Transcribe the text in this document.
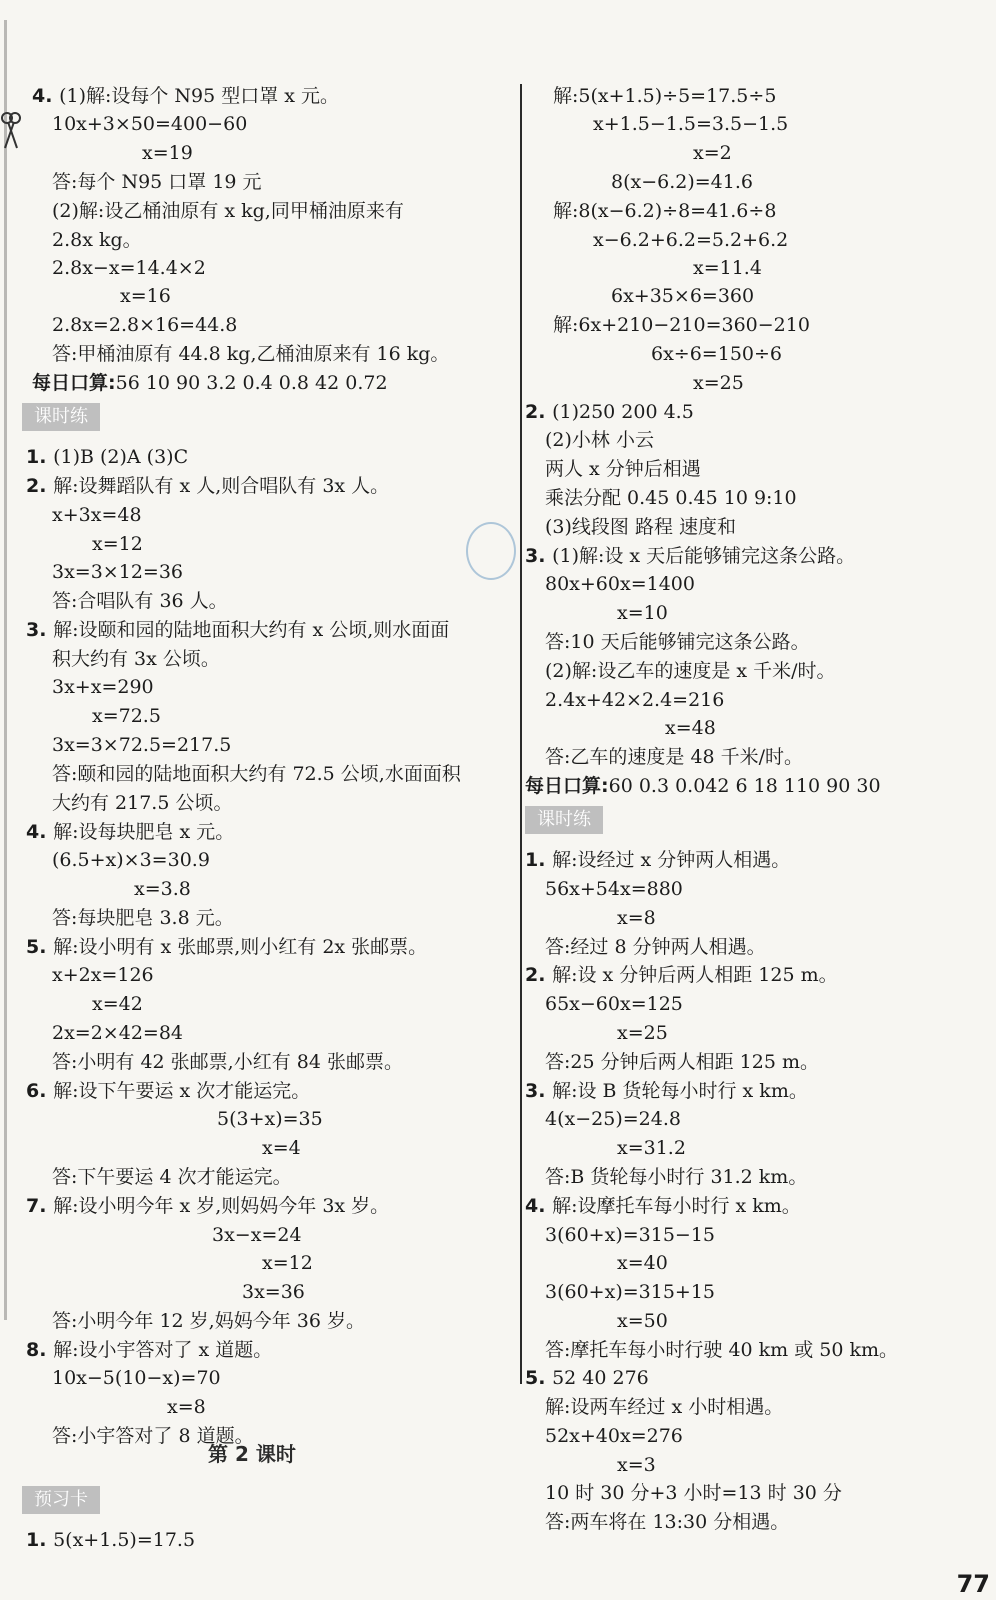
4. (1)解:设每个 N95 型口罩 x 元。
10x+3×50=400−60
x=19
答:每个 N95 口罩 19 元
(2)解:设乙桶油原有 x kg,同甲桶油原来有
2.8x kg。
2.8x−x=14.4×2
x=16
2.8x=2.8×16=44.8
答:甲桶油原有 44.8 kg,乙桶油原来有 16 kg。
每日口算:56 10 90 3.2 0.4 0.8 42 0.72
1. (1)B (2)A (3)C
2. 解:设舞蹈队有 x 人,则合唱队有 3x 人。
x+3x=48
x=12
3x=3×12=36
答:合唱队有 36 人。
3. 解:设颐和园的陆地面积大约有 x 公顷,则水面面
积大约有 3x 公顷。
3x+x=290
x=72.5
3x=3×72.5=217.5
答:颐和园的陆地面积大约有 72.5 公顷,水面面积
大约有 217.5 公顷。
4. 解:设每块肥皂 x 元。
(6.5+x)×3=30.9
x=3.8
答:每块肥皂 3.8 元。
5. 解:设小明有 x 张邮票,则小红有 2x 张邮票。
x+2x=126
x=42
2x=2×42=84
答:小明有 42 张邮票,小红有 84 张邮票。
6. 解:设下午要运 x 次才能运完。
5(3+x)=35
x=4
答:下午要运 4 次才能运完。
7. 解:设小明今年 x 岁,则妈妈今年 3x 岁。
3x−x=24
x=12
3x=36
答:小明今年 12 岁,妈妈今年 36 岁。
8. 解:设小宇答对了 x 道题。
10x−5(10−x)=70
x=8
答:小宇答对了 8 道题。
1. 5(x+1.5)=17.5
课时练
预习卡
解:5(x+1.5)÷5=17.5÷5
x+1.5−1.5=3.5−1.5
x=2
8(x−6.2)=41.6
解:8(x−6.2)÷8=41.6÷8
x−6.2+6.2=5.2+6.2
x=11.4
6x+35×6=360
解:6x+210−210=360−210
6x÷6=150÷6
x=25
2. (1)250 200 4.5
(2)小林 小云
两人 x 分钟后相遇
乘法分配 0.45 0.45 10 9:10
(3)线段图 路程 速度和
3. (1)解:设 x 天后能够铺完这条公路。
80x+60x=1400
x=10
答:10 天后能够铺完这条公路。
(2)解:设乙车的速度是 x 千米/时。
2.4x+42×2.4=216
x=48
答:乙车的速度是 48 千米/时。
每日口算:60 0.3 0.042 6 18 110 90 30
1. 解:设经过 x 分钟两人相遇。
56x+54x=880
x=8
答:经过 8 分钟两人相遇。
2. 解:设 x 分钟后两人相距 125 m。
65x−60x=125
x=25
答:25 分钟后两人相距 125 m。
3. 解:设 B 货轮每小时行 x km。
4(x−25)=24.8
x=31.2
答:B 货轮每小时行 31.2 km。
4. 解:设摩托车每小时行 x km。
3(60+x)=315−15
x=40
3(60+x)=315+15
x=50
答:摩托车每小时行驶 40 km 或 50 km。
5. 52 40 276
解:设两车经过 x 小时相遇。
52x+40x=276
x=3
10 时 30 分+3 小时=13 时 30 分
答:两车将在 13:30 分相遇。
课时练
第 2 课时
77
